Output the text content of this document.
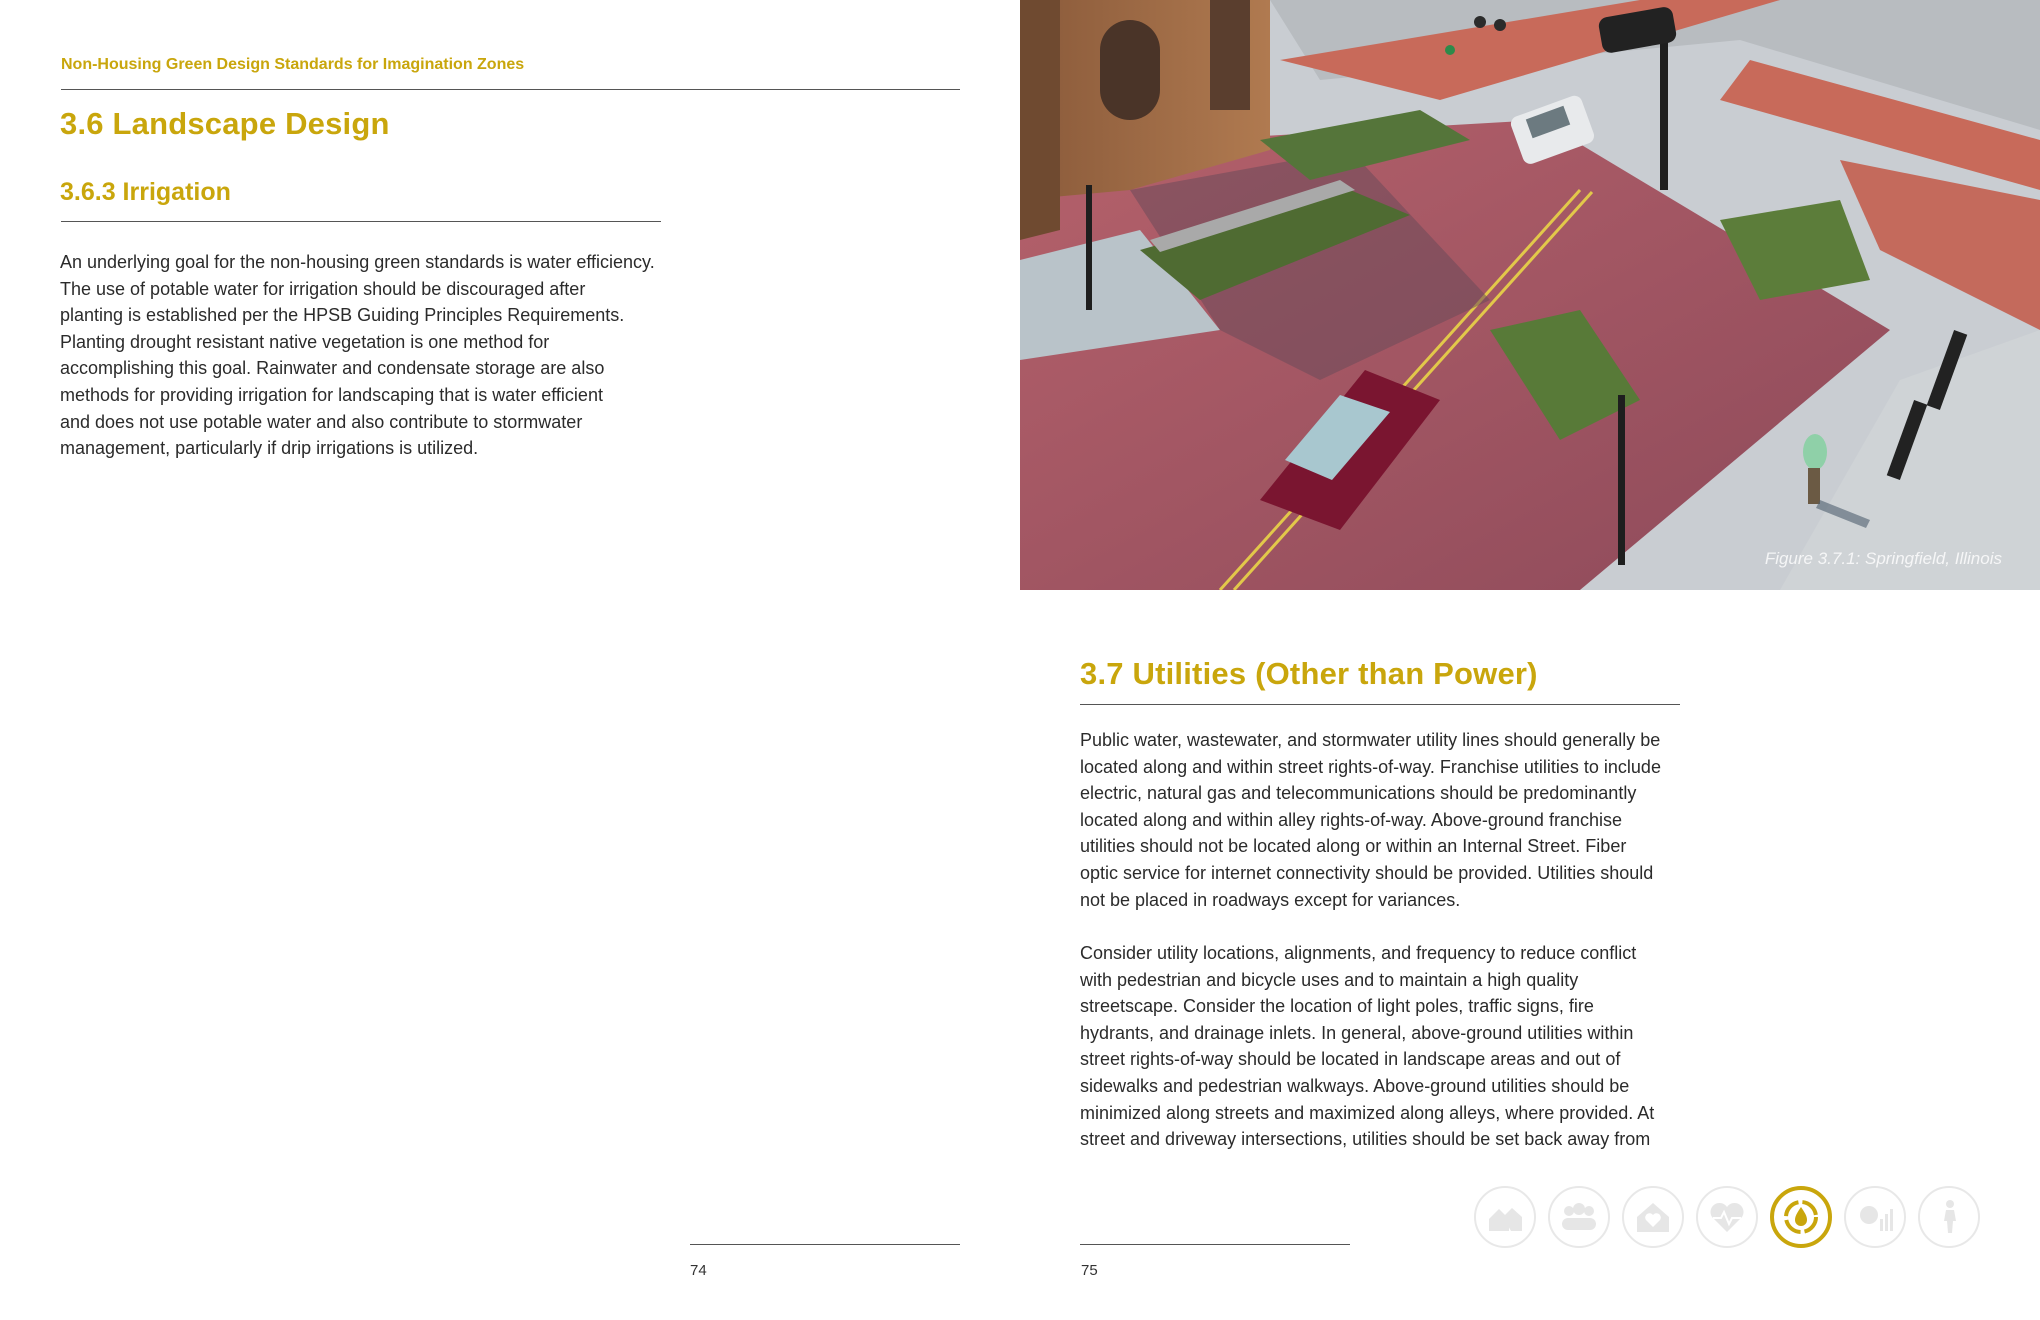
Non-Housing Green Design Standards for Imagination Zones
3.6 Landscape Design
3.6.3 Irrigation

An underlying goal for the non-housing green standards is water efficiency.

The use of potable water for irrigation should be discouraged after

planting is established per the HPSB Guiding Principles Requirements.

Planting drought resistant native vegetation is one method for

accomplishing this goal. Rainwater and condensate storage are also

methods for providing irrigation for landscaping that is water efficient

and does not use potable water and also contribute to stormwater

management, particularly if drip irrigations is utilized.

74
Figure 3.7.1: Springfield, Illinois
3.7 Utilities (Other than Power)

Public water, wastewater, and stormwater utility lines should generally be

located along and within street rights-of-way. Franchise utilities to include

electric, natural gas and telecommunications should be predominantly

located along and within alley rights-of-way. Above-ground franchise

utilities should not be located along or within an Internal Street. Fiber

optic service for internet connectivity should be provided. Utilities should

not be placed in roadways except for variances.

Consider utility locations, alignments, and frequency to reduce conflict

with pedestrian and bicycle uses and to maintain a high quality

streetscape. Consider the location of light poles, traffic signs, fire

hydrants, and drainage inlets. In general, above-ground utilities within

street rights-of-way should be located in landscape areas and out of

sidewalks and pedestrian walkways. Above-ground utilities should be

minimized along streets and maximized along alleys, where provided. At

street and driveway intersections, utilities should be set back away from

75
